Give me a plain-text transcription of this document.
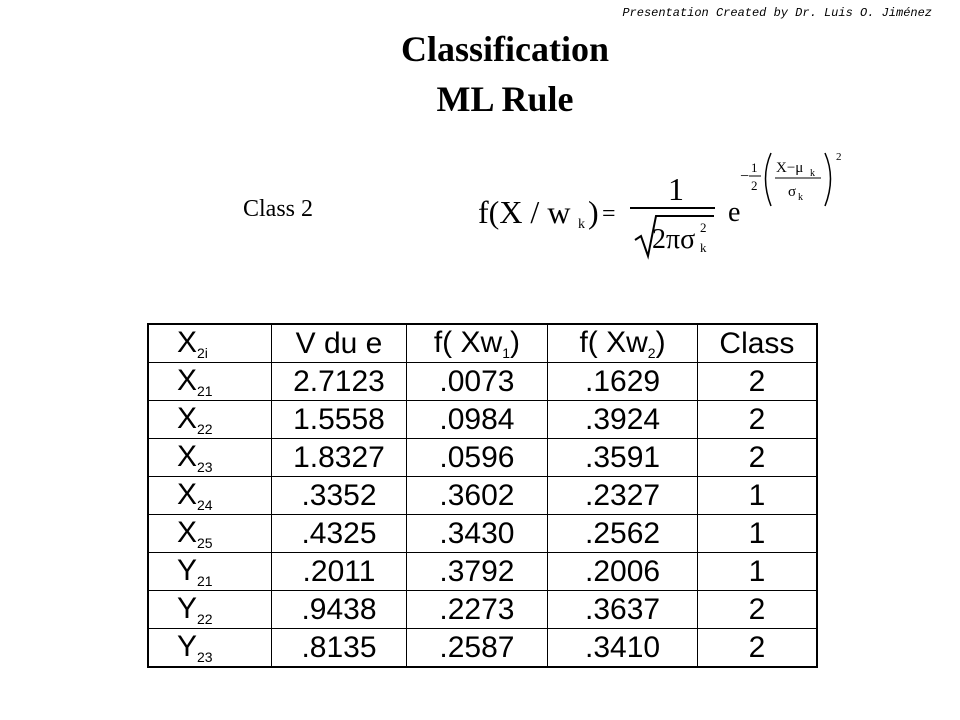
Presentation Created by Dr. Luis O. Jiménez
Classification
ML Rule
Class 2	f(X / w k ) =
1
2πσ 2
k
e
−
1
2
X−μ k
σ k
2
$X_{2i}$	V du e	f( $Xw_1$)	f( $Xw_2$)	Class
$X_{21}$	2.7123	.0073	.1629	2
$X_{22}$	1.5558	.0984	.3924	2
$X_{23}$	1.8327	.0596	.3591	2
$X_{24}$	.3352	.3602	.2327	1
$X_{25}$	.4325	.3430	.2562	1
$Y_{21}$	.2011	.3792	.2006	1
$Y_{22}$	.9438	.2273	.3637	2
$Y_{23}$	.8135	.2587	.3410	2
